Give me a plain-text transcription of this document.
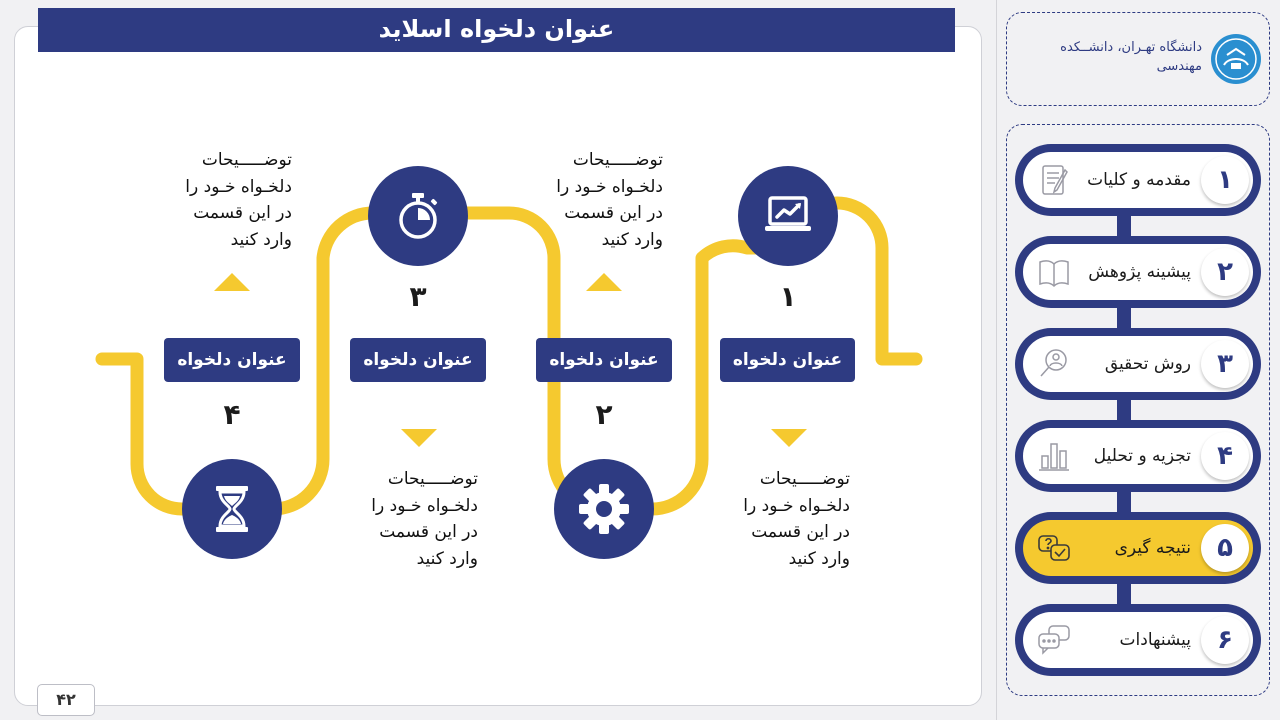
عنوان دلخواه اسلاید
عنوان دلخواه
عنوان دلخواه
عنوان دلخواه
عنوان دلخواه
۱
۲
۳
۴
توضـــــیحات
دلخـواه خـود را
در این قسمت
وارد کنید
توضـــــیحات
دلخـواه خـود را
در این قسمت
وارد کنید
توضـــــیحات
دلخـواه خـود را
در این قسمت
وارد کنید
توضـــــیحات
دلخـواه خـود را
در این قسمت
وارد کنید
۴۲
دانشگاه تهـران، دانشــکده مهندسی
۱
مقدمه و کلیات
۲
پیشینه پژوهش
۳
روش تحقیق
۴
تجزیه و تحلیل
۵
نتیجه گیری
۶
پیشنهادات
